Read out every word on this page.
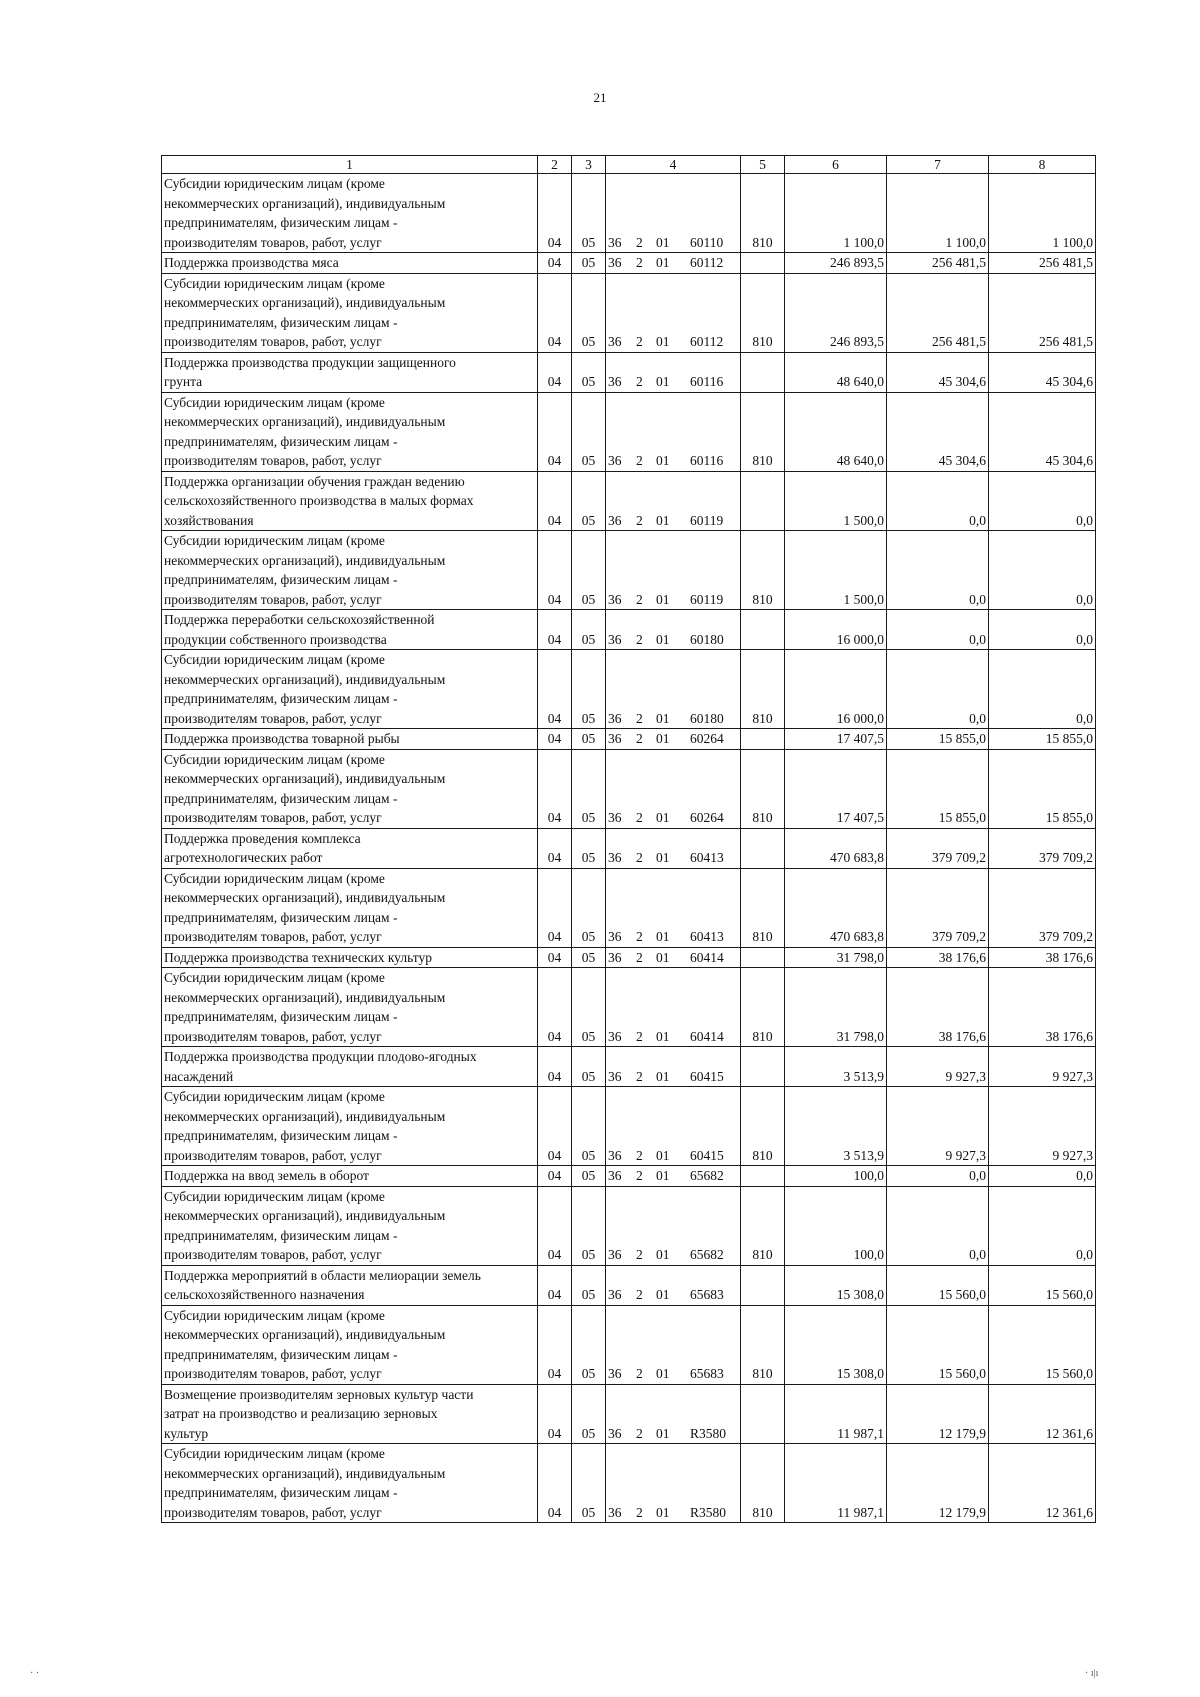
21
1	2	3	4	5	6	7	8
Субсидии юридическим лицам (кроме
некоммерческих организаций), индивидуальным
предпринимателям, физическим лицам -
производителям товаров, работ, услуг	04	05	36 2 01 60110	810	1 100,0	1 100,0	1 100,0
Поддержка производства мяса	04	05	36 2 01 60112		246 893,5	256 481,5	256 481,5
Субсидии юридическим лицам (кроме
некоммерческих организаций), индивидуальным
предпринимателям, физическим лицам -
производителям товаров, работ, услуг	04	05	36 2 01 60112	810	246 893,5	256 481,5	256 481,5
Поддержка производства продукции защищенного
грунта	04	05	36 2 01 60116		48 640,0	45 304,6	45 304,6
Субсидии юридическим лицам (кроме
некоммерческих организаций), индивидуальным
предпринимателям, физическим лицам -
производителям товаров, работ, услуг	04	05	36 2 01 60116	810	48 640,0	45 304,6	45 304,6
Поддержка организации обучения граждан ведению
сельскохозяйственного производства в малых формах
хозяйствования	04	05	36 2 01 60119		1 500,0	0,0	0,0
Субсидии юридическим лицам (кроме
некоммерческих организаций), индивидуальным
предпринимателям, физическим лицам -
производителям товаров, работ, услуг	04	05	36 2 01 60119	810	1 500,0	0,0	0,0
Поддержка переработки сельскохозяйственной
продукции собственного производства	04	05	36 2 01 60180		16 000,0	0,0	0,0
Субсидии юридическим лицам (кроме
некоммерческих организаций), индивидуальным
предпринимателям, физическим лицам -
производителям товаров, работ, услуг	04	05	36 2 01 60180	810	16 000,0	0,0	0,0
Поддержка производства товарной рыбы	04	05	36 2 01 60264		17 407,5	15 855,0	15 855,0
Субсидии юридическим лицам (кроме
некоммерческих организаций), индивидуальным
предпринимателям, физическим лицам -
производителям товаров, работ, услуг	04	05	36 2 01 60264	810	17 407,5	15 855,0	15 855,0
Поддержка проведения комплекса
агротехнологических работ	04	05	36 2 01 60413		470 683,8	379 709,2	379 709,2
Субсидии юридическим лицам (кроме
некоммерческих организаций), индивидуальным
предпринимателям, физическим лицам -
производителям товаров, работ, услуг	04	05	36 2 01 60413	810	470 683,8	379 709,2	379 709,2
Поддержка производства технических культур	04	05	36 2 01 60414		31 798,0	38 176,6	38 176,6
Субсидии юридическим лицам (кроме
некоммерческих организаций), индивидуальным
предпринимателям, физическим лицам -
производителям товаров, работ, услуг	04	05	36 2 01 60414	810	31 798,0	38 176,6	38 176,6
Поддержка производства продукции плодово-ягодных
насаждений	04	05	36 2 01 60415		3 513,9	9 927,3	9 927,3
Субсидии юридическим лицам (кроме
некоммерческих организаций), индивидуальным
предпринимателям, физическим лицам -
производителям товаров, работ, услуг	04	05	36 2 01 60415	810	3 513,9	9 927,3	9 927,3
Поддержка на ввод земель в оборот	04	05	36 2 01 65682		100,0	0,0	0,0
Субсидии юридическим лицам (кроме
некоммерческих организаций), индивидуальным
предпринимателям, физическим лицам -
производителям товаров, работ, услуг	04	05	36 2 01 65682	810	100,0	0,0	0,0
Поддержка мероприятий в области мелиорации земель
сельскохозяйственного назначения	04	05	36 2 01 65683		15 308,0	15 560,0	15 560,0
Субсидии юридическим лицам (кроме
некоммерческих организаций), индивидуальным
предпринимателям, физическим лицам -
производителям товаров, работ, услуг	04	05	36 2 01 65683	810	15 308,0	15 560,0	15 560,0
Возмещение производителям зерновых культур части
затрат на производство и реализацию зерновых
культур	04	05	36 2 01 R3580		11 987,1	12 179,9	12 361,6
Субсидии юридическим лицам (кроме
некоммерческих организаций), индивидуальным
предпринимателям, физическим лицам -
производителям товаров, работ, услуг	04	05	36 2 01 R3580	810	11 987,1	12 179,9	12 361,6
· ·	· ı|ı
